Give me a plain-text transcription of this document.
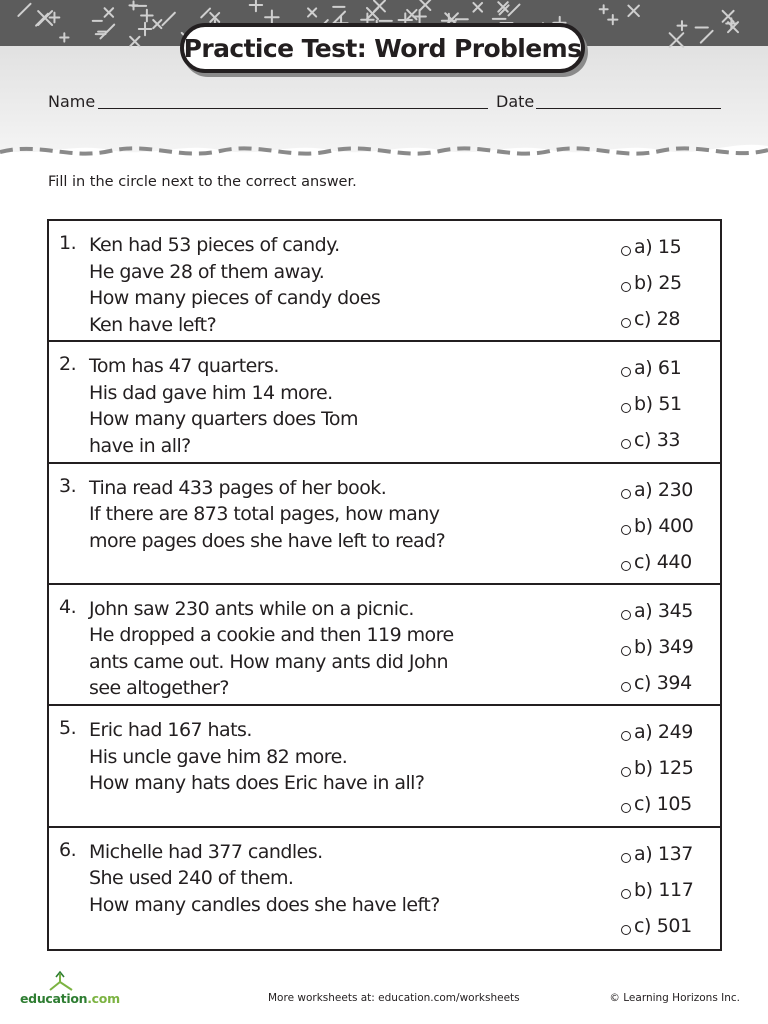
Practice Test: Word Problems
Name	Date
Fill in the circle next to the correct answer.
1. Ken had 53 pieces of candy.
He gave 28 of them away.
How many pieces of candy does
Ken have left?
a) 15
b) 25
c) 28
2. Tom has 47 quarters.
His dad gave him 14 more.
How many quarters does Tom
have in all?
a) 61
b) 51
c) 33
3. Tina read 433 pages of her book.
If there are 873 total pages, how many
more pages does she have left to read?
a) 230
b) 400
c) 440
4. John saw 230 ants while on a picnic.
He dropped a cookie and then 119 more
ants came out. How many ants did John
see altogether?
a) 345
b) 349
c) 394
5. Eric had 167 hats.
His uncle gave him 82 more.
How many hats does Eric have in all?
a) 249
b) 125
c) 105
6. Michelle had 377 candles.
She used 240 of them.
How many candles does she have left?
a) 137
b) 117
c) 501
education.com	More worksheets at: education.com/worksheets	© Learning Horizons Inc.
